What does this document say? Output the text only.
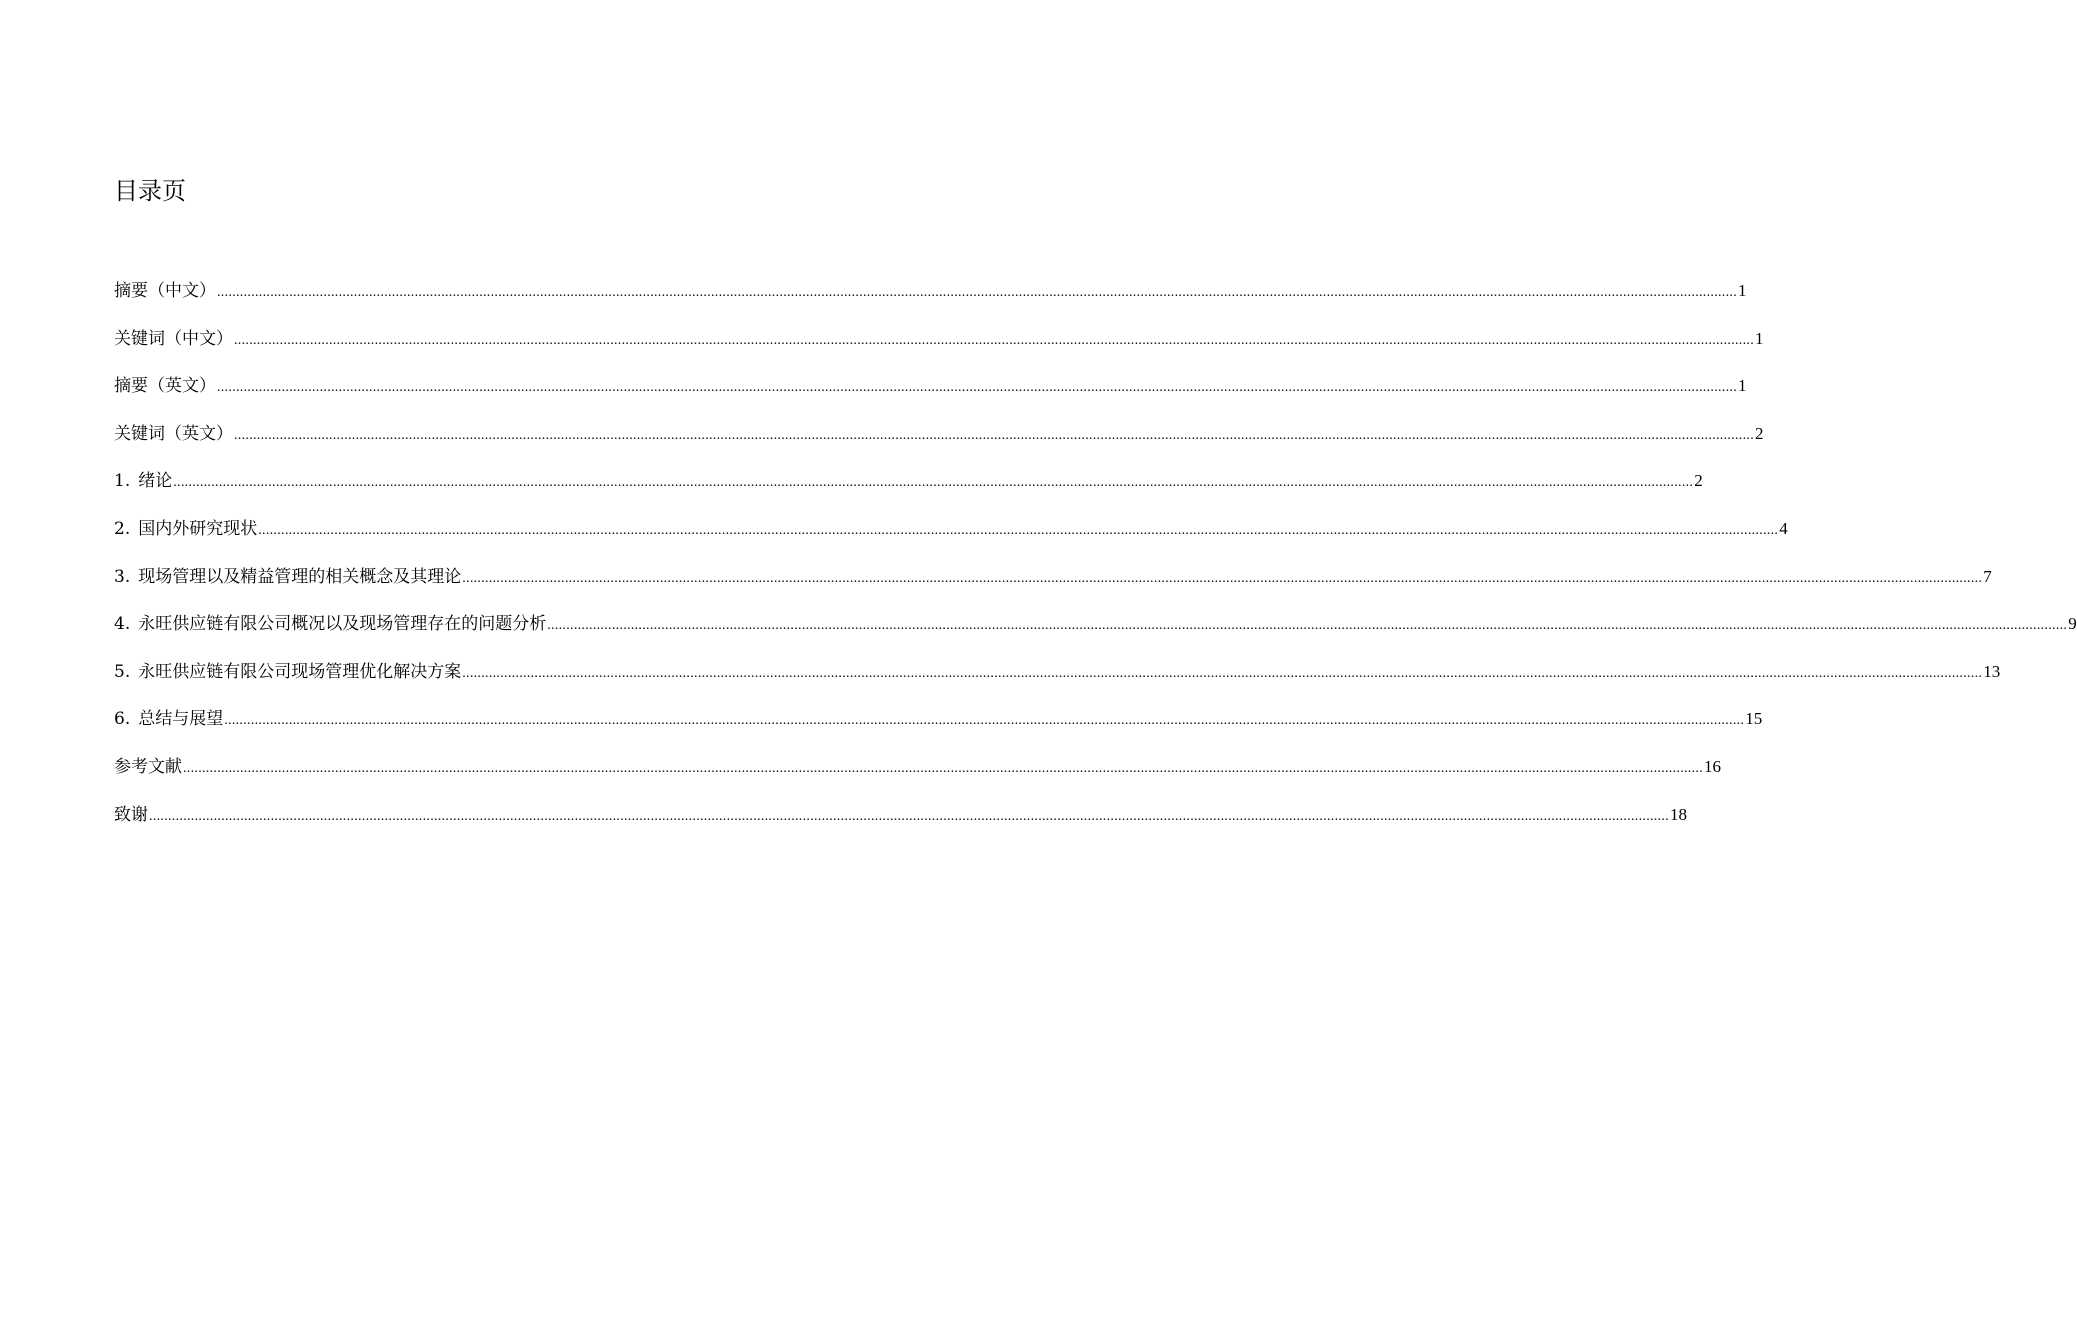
目录页
摘要（中文） ................................................................................................................................................................................................................................................................................................................................................................................................................ 1
关键词（中文） ................................................................................................................................................................................................................................................................................................................................................................................................................ 1
摘要（英文） ................................................................................................................................................................................................................................................................................................................................................................................................................ 1
关键词（英文） ................................................................................................................................................................................................................................................................................................................................................................................................................ 2
1. 绪论 ................................................................................................................................................................................................................................................................................................................................................................................................................ 2
2. 国内外研究现状 ................................................................................................................................................................................................................................................................................................................................................................................................................ 4
3. 现场管理以及精益管理的相关概念及其理论 ................................................................................................................................................................................................................................................................................................................................................................................................................ 7
4. 永旺供应链有限公司概况以及现场管理存在的问题分析 ................................................................................................................................................................................................................................................................................................................................................................................................................ 9
5. 永旺供应链有限公司现场管理优化解决方案 ................................................................................................................................................................................................................................................................................................................................................................................................................ 13
6. 总结与展望 ................................................................................................................................................................................................................................................................................................................................................................................................................ 15
参考文献 ................................................................................................................................................................................................................................................................................................................................................................................................................ 16
致谢 ................................................................................................................................................................................................................................................................................................................................................................................................................ 18
